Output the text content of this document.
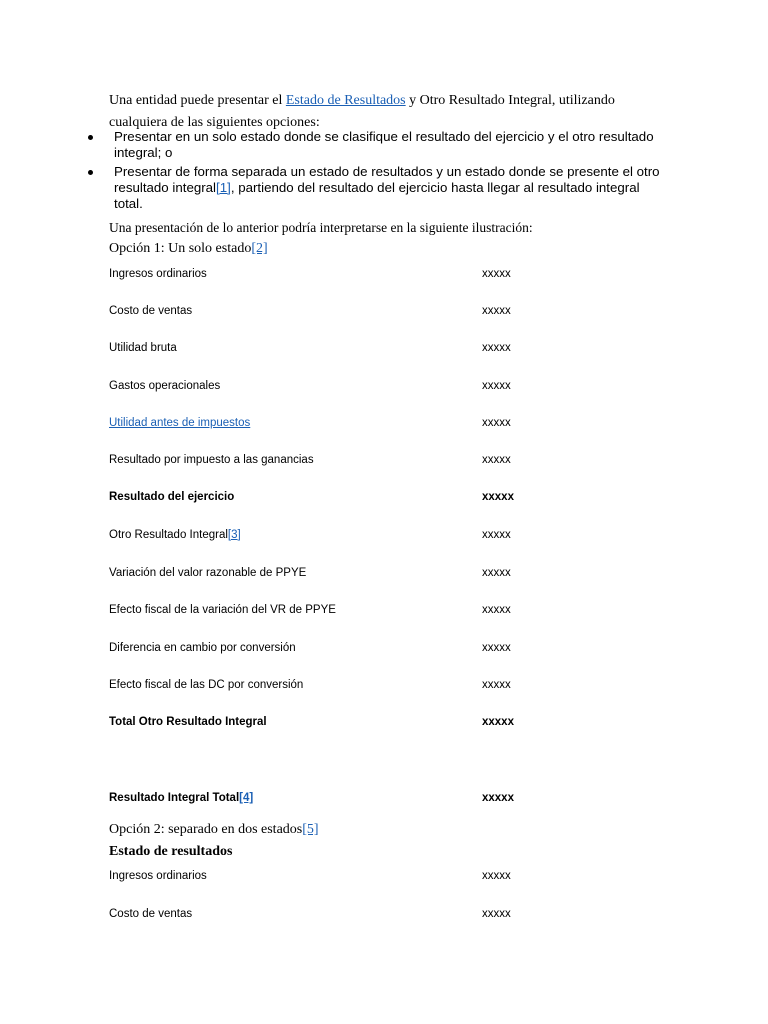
Una entidad puede presentar el Estado de Resultados y Otro Resultado Integral, utilizando cualquiera de las siguientes opciones:
Presentar en un solo estado donde se clasifique el resultado del ejercicio y el otro resultado integral; o
Presentar de forma separada un estado de resultados y un estado donde se presente el otro resultado integral[1], partiendo del resultado del ejercicio hasta llegar al resultado integral total.
Una presentación de lo anterior podría interpretarse en la siguiente ilustración:
Opción 1: Un solo estado[2]
Ingresos ordinarios	xxxxx
Costo de ventas	xxxxx
Utilidad bruta	xxxxx
Gastos operacionales	xxxxx
Utilidad antes de impuestos	xxxxx
Resultado por impuesto a las ganancias	xxxxx
Resultado del ejercicio	xxxxx
Otro Resultado Integral[3]	xxxxx
Variación del valor razonable de PPYE	xxxxx
Efecto fiscal de la variación del VR de PPYE	xxxxx
Diferencia en cambio por conversión	xxxxx
Efecto fiscal de las DC por conversión	xxxxx
Total Otro Resultado Integral	xxxxx
Resultado Integral Total[4]	xxxxx
Opción 2: separado en dos estados[5]
Estado de resultados
Ingresos ordinarios	xxxxx
Costo de ventas	xxxxx
